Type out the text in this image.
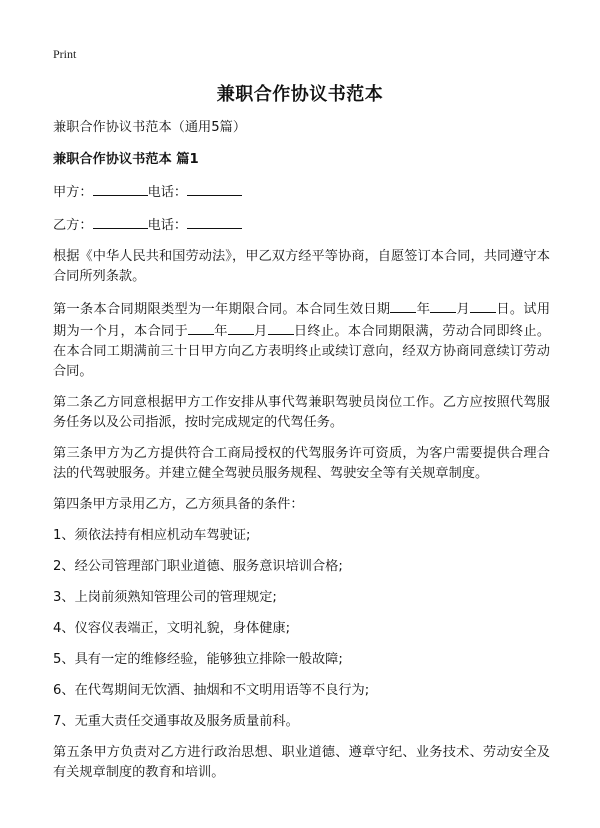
Print
兼职合作协议书范本

兼职合作协议书范本（通用5篇）

兼职合作协议书范本 篇1

甲方：	电话：

乙方：	电话：

根据《中华人民共和国劳动法》，甲乙双方经平等协商，自愿签订本合同，共同遵守本合同所列条款。

第一条本合同期限类型为一年期限合同。本合同生效日期 年 月 日。试用期为一个月，本合同于 年 月 日终止。本合同期限满，劳动合同即终止。在本合同工期满前三十日甲方向乙方表明终止或续订意向，经双方协商同意续订劳动合同。

第二条乙方同意根据甲方工作安排从事代驾兼职驾驶员岗位工作。乙方应按照代驾服务任务以及公司指派，按时完成规定的代驾任务。

第三条甲方为乙方提供符合工商局授权的代驾服务许可资质，为客户需要提供合理合法的代驾驶服务。并建立健全驾驶员服务规程、驾驶安全等有关规章制度。

第四条甲方录用乙方，乙方须具备的条件：

1、须依法持有相应机动车驾驶证;

2、经公司管理部门职业道德、服务意识培训合格;

3、上岗前须熟知管理公司的管理规定;

4、仪容仪表端正，文明礼貌，身体健康;

5、具有一定的维修经验，能够独立排除一般故障;

6、在代驾期间无饮酒、抽烟和不文明用语等不良行为;

7、无重大责任交通事故及服务质量前科。

第五条甲方负责对乙方进行政治思想、职业道德、遵章守纪、业务技术、劳动安全及有关规章制度的教育和培训。
